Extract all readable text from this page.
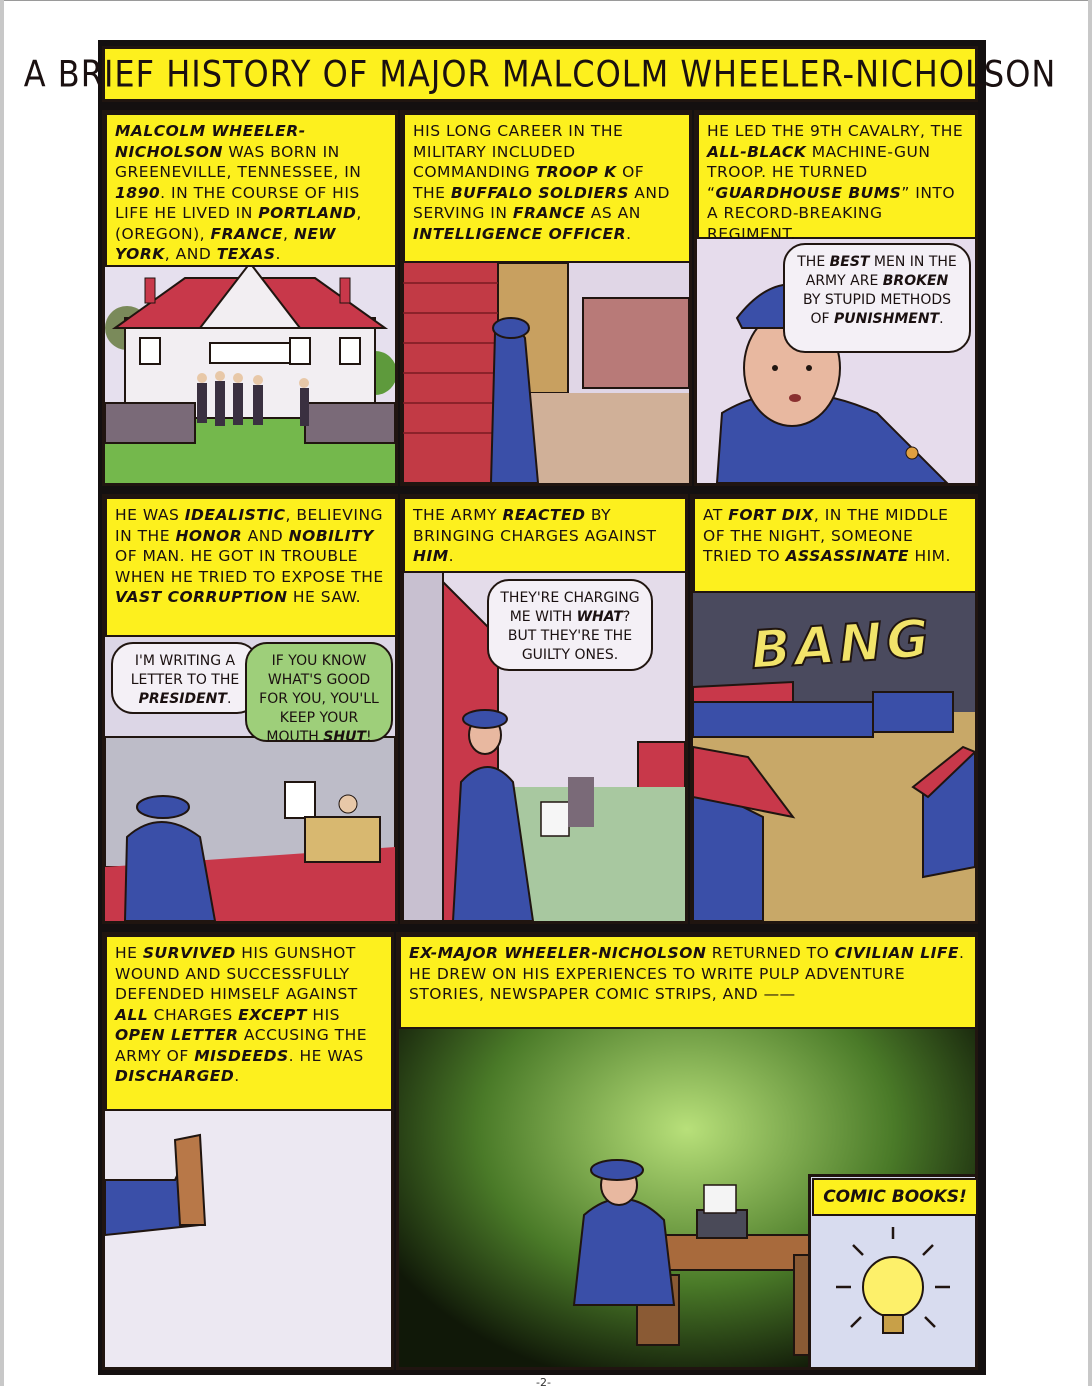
A BRIEF HISTORY OF MAJOR MALCOLM WHEELER-NICHOLSON
MALCOLM WHEELER-NICHOLSON WAS BORN IN GREENEVILLE, TENNESSEE, IN 1890. IN THE COURSE OF HIS LIFE HE LIVED IN PORTLAND, (OREGON), FRANCE, NEW YORK, AND TEXAS.
HIS LONG CAREER IN THE MILITARY INCLUDED COMMANDING TROOP K OF THE BUFFALO SOLDIERS AND SERVING IN FRANCE AS AN INTELLIGENCE OFFICER.
HE LED THE 9TH CAVALRY, THE ALL-BLACK MACHINE-GUN TROOP. HE TURNED “GUARDHOUSE BUMS” INTO A RECORD-BREAKING REGIMENT.
THE BEST MEN IN THE ARMY ARE BROKEN BY STUPID METHODS OF PUNISHMENT.
HE WAS IDEALISTIC, BELIEVING IN THE HONOR AND NOBILITY OF MAN. HE GOT IN TROUBLE WHEN HE TRIED TO EXPOSE THE VAST CORRUPTION HE SAW.
I'M WRITING A LETTER TO THE PRESIDENT.
IF YOU KNOW WHAT'S GOOD FOR YOU, YOU'LL KEEP YOUR MOUTH SHUT!
THE ARMY REACTED BY BRINGING CHARGES AGAINST HIM.
THEY'RE CHARGING ME WITH WHAT? BUT THEY'RE THE GUILTY ONES.
AT FORT DIX, IN THE MIDDLE OF THE NIGHT, SOMEONE TRIED TO ASSASSINATE HIM.
BANG
HE SURVIVED HIS GUNSHOT WOUND AND SUCCESSFULLY DEFENDED HIMSELF AGAINST ALL CHARGES EXCEPT HIS OPEN LETTER ACCUSING THE ARMY OF MISDEEDS. HE WAS DISCHARGED.
EX-MAJOR WHEELER-NICHOLSON RETURNED TO CIVILIAN LIFE. HE DREW ON HIS EXPERIENCES TO WRITE PULP ADVENTURE STORIES, NEWSPAPER COMIC STRIPS, AND ——
COMIC BOOKS!
-2-
